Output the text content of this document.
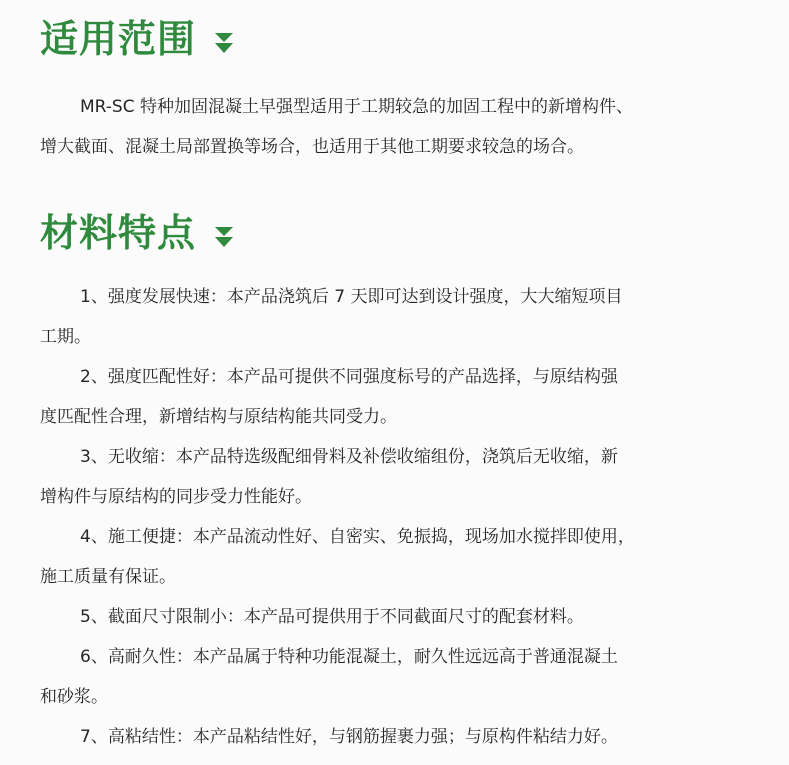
适用范围
MR-SC 特种加固混凝土早强型适用于工期较急的加固工程中的新增构件、
增大截面、混凝土局部置换等场合，也适用于其他工期要求较急的场合。
材料特点
1、强度发展快速：本产品浇筑后 7 天即可达到设计强度，大大缩短项目
工期。
2、强度匹配性好：本产品可提供不同强度标号的产品选择，与原结构强
度匹配性合理，新增结构与原结构能共同受力。
3、无收缩：本产品特选级配细骨料及补偿收缩组份，浇筑后无收缩，新
增构件与原结构的同步受力性能好。
4、施工便捷：本产品流动性好、自密实、免振捣，现场加水搅拌即使用，
施工质量有保证。
5、截面尺寸限制小：本产品可提供用于不同截面尺寸的配套材料。
6、高耐久性：本产品属于特种功能混凝土，耐久性远远高于普通混凝土
和砂浆。
7、高粘结性：本产品粘结性好，与钢筋握裹力强；与原构件粘结力好。
